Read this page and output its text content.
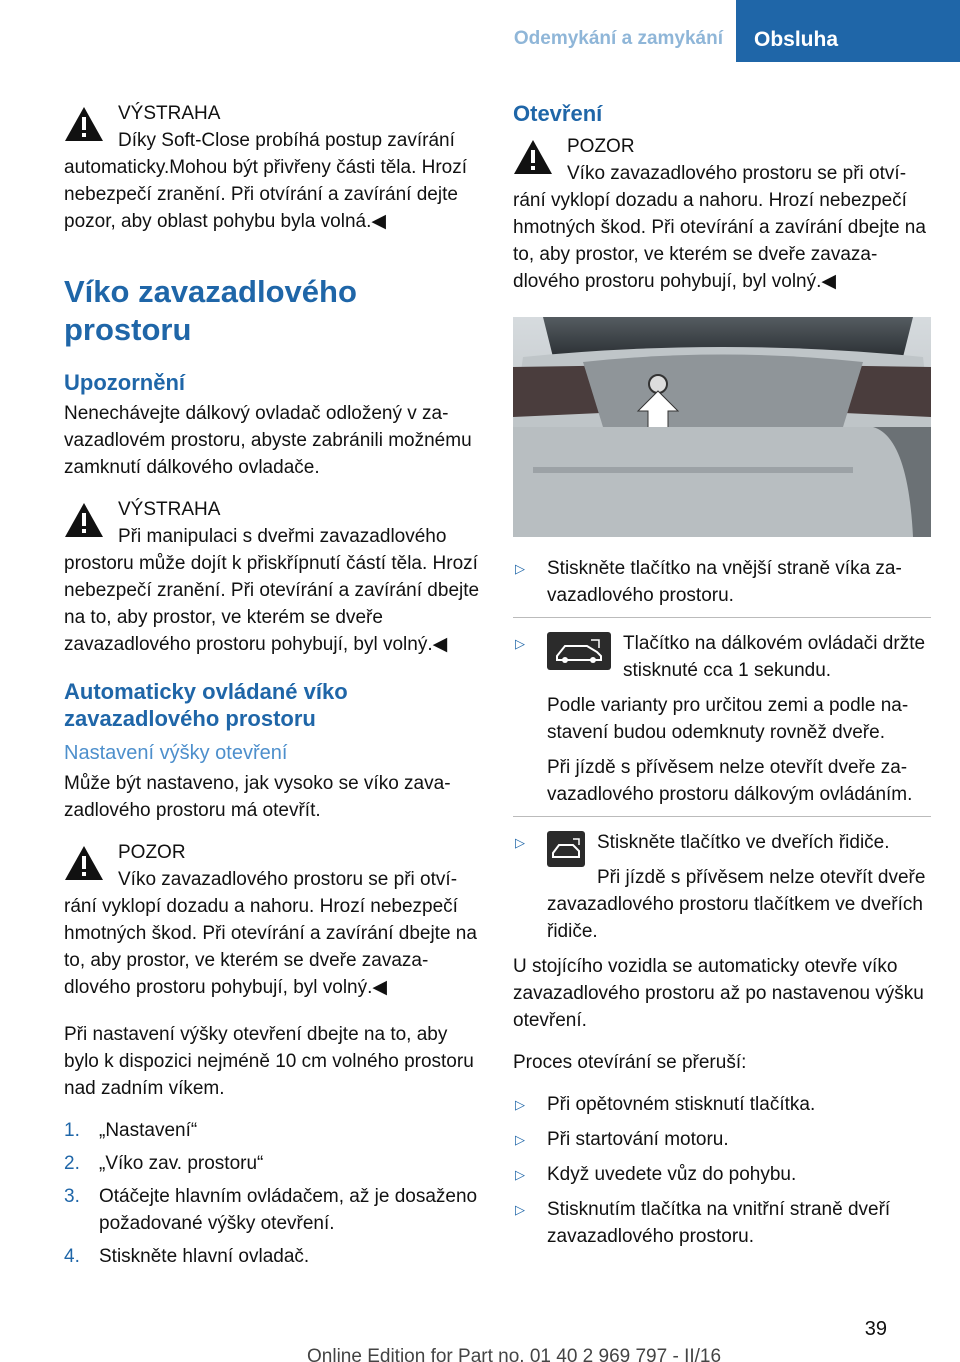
Odemykání a zamykání	Obsluha
VÝSTRAHA
Díky Soft-Close probíhá postup zavírání automaticky.Mohou být přivřeny části těla. Hrozí nebezpečí zranění. Při otvírání a zavírání dejte pozor, aby oblast pohybu byla volná.◀
Víko zavazadlového prostoru
Upozornění

Nenechávejte dálkový ovladač odložený v zavazadlovém prostoru, abyste zabránili možnému zamknutí dálkového ovladače.

VÝSTRAHA
Při manipulaci s dveřmi zavazadlového prostoru může dojít k přiskřípnutí částí těla. Hrozí nebezpečí zranění. Při otevírání a zavírání dbejte na to, aby prostor, ve kterém se dveře zavazadlového prostoru pohybují, byl volný.◀
Automaticky ovládané víko zavazadlového prostoru
Nastavení výšky otevření

Může být nastaveno, jak vysoko se víko zavazadlového prostoru má otevřít.

POZOR
Víko zavazadlového prostoru se při otvírání vyklopí dozadu a nahoru. Hrozí nebezpečí hmotných škod. Při otevírání a zavírání dbejte na to, aby prostor, ve kterém se dveře zavazadlového prostoru pohybují, byl volný.◀

Při nastavení výšky otevření dbejte na to, aby bylo k dispozici nejméně 10 cm volného prostoru nad zadním víkem.

1. „Nastavení“
2. „Víko zav. prostoru“
3. Otáčejte hlavním ovládačem, až je dosaženo požadované výšky otevření.
4. Stiskněte hlavní ovladač.
Otevření
POZOR
Víko zavazadlového prostoru se při otvírání vyklopí dozadu a nahoru. Hrozí nebezpečí hmotných škod. Při otevírání a zavírání dbejte na to, aby prostor, ve kterém se dveře zavazadlového prostoru pohybují, byl volný.◀
▷ Stiskněte tlačítko na vnější straně víka zavazadlového prostoru.
▷	Tlačítko na dálkovém ovládači držte stisknuté cca 1 sekundu.
Podle varianty pro určitou zemi a podle nastavení budou odemknuty rovněž dveře.
Při jízdě s přívěsem nelze otevřít dveře zavazadlového prostoru dálkovým ovládáním.
▷	Stiskněte tlačítko ve dveřích řidiče.
Při jízdě s přívěsem nelze otevřít dveře zavazadlového prostoru tlačítkem ve dveřích řidiče.

U stojícího vozidla se automaticky otevře víko zavazadlového prostoru až po nastavenou výšku otevření.

Proces otevírání se přeruší:

▷ Při opětovném stisknutí tlačítka.
▷ Při startování motoru.
▷ Když uvedete vůz do pohybu.
▷ Stisknutím tlačítka na vnitřní straně dveří zavazadlového prostoru.
39
Online Edition for Part no. 01 40 2 969 797 - II/16
